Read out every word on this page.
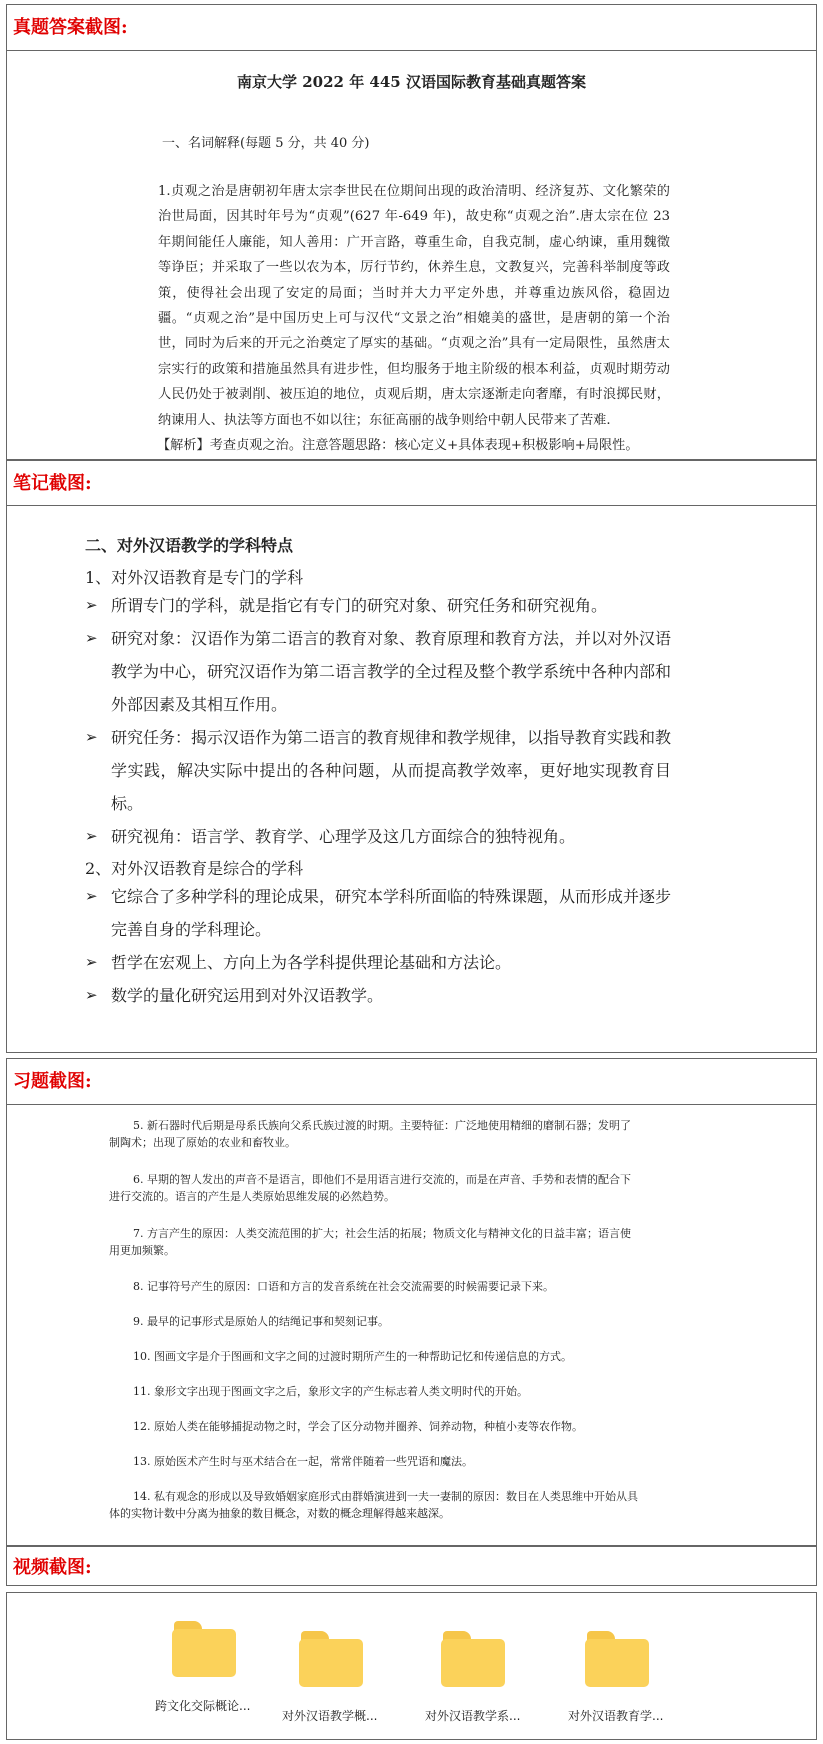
真题答案截图:
南京大学 2022 年 445 汉语国际教育基础真题答案
一、名词解释(每题 5 分，共 40 分)
1.贞观之治是唐朝初年唐太宗李世民在位期间出现的政治清明、经济复苏、文化繁荣的治世局面，因其时年号为“贞观”(627 年-649 年)，故史称“贞观之治”.唐太宗在位 23 年期间能任人廉能，知人善用：广开言路，尊重生命，自我克制，虚心纳谏，重用魏徵等诤臣；并采取了一些以农为本，厉行节约，休养生息，文教复兴，完善科举制度等政策，使得社会出现了安定的局面；当时并大力平定外患，并尊重边族风俗，稳固边疆。“贞观之治”是中国历史上可与汉代“文景之治”相媲美的盛世，是唐朝的第一个治世，同时为后来的开元之治奠定了厚实的基础。“贞观之治”具有一定局限性，虽然唐太宗实行的政策和措施虽然具有进步性，但均服务于地主阶级的根本利益，贞观时期劳动人民仍处于被剥削、被压迫的地位，贞观后期，唐太宗逐渐走向奢靡，有时浪掷民财，纳谏用人、执法等方面也不如以往；东征高丽的战争则给中朝人民带来了苦难.
【解析】考查贞观之治。注意答题思路：核心定义+具体表现+积极影响+局限性。
笔记截图:
二、对外汉语教学的学科特点
1、对外汉语教育是专门的学科
➢ 所谓专门的学科，就是指它有专门的研究对象、研究任务和研究视角。
➢ 研究对象：汉语作为第二语言的教育对象、教育原理和教育方法，并以对外汉语教学为中心，研究汉语作为第二语言教学的全过程及整个教学系统中各种内部和外部因素及其相互作用。
➢ 研究任务：揭示汉语作为第二语言的教育规律和教学规律，以指导教育实践和教学实践，解决实际中提出的各种问题，从而提高教学效率，更好地实现教育目标。
➢ 研究视角：语言学、教育学、心理学及这几方面综合的独特视角。
2、对外汉语教育是综合的学科
➢ 它综合了多种学科的理论成果，研究本学科所面临的特殊课题，从而形成并逐步完善自身的学科理论。
➢ 哲学在宏观上、方向上为各学科提供理论基础和方法论。
➢ 数学的量化研究运用到对外汉语教学。
习题截图:
5. 新石器时代后期是母系氏族向父系氏族过渡的时期。主要特征：广泛地使用精细的磨制石器；发明了制陶术；出现了原始的农业和畜牧业。
6. 早期的智人发出的声音不是语言，即他们不是用语言进行交流的，而是在声音、手势和表情的配合下进行交流的。语言的产生是人类原始思维发展的必然趋势。
7. 方言产生的原因：人类交流范围的扩大；社会生活的拓展；物质文化与精神文化的日益丰富；语言使用更加频繁。
8. 记事符号产生的原因：口语和方言的发音系统在社会交流需要的时候需要记录下来。
9. 最早的记事形式是原始人的结绳记事和契刻记事。
10. 图画文字是介于图画和文字之间的过渡时期所产生的一种帮助记忆和传递信息的方式。
11. 象形文字出现于图画文字之后，象形文字的产生标志着人类文明时代的开始。
12. 原始人类在能够捕捉动物之时，学会了区分动物并圈养、饲养动物，种植小麦等农作物。
13. 原始医术产生时与巫术结合在一起，常常伴随着一些咒语和魔法。
14. 私有观念的形成以及导致婚姻家庭形式由群婚演进到一夫一妻制的原因：数目在人类思维中开始从具体的实物计数中分离为抽象的数目概念，对数的概念理解得越来越深。
视频截图:
跨文化交际概论...
对外汉语教学概...	对外汉语教学系...	对外汉语教育学...
